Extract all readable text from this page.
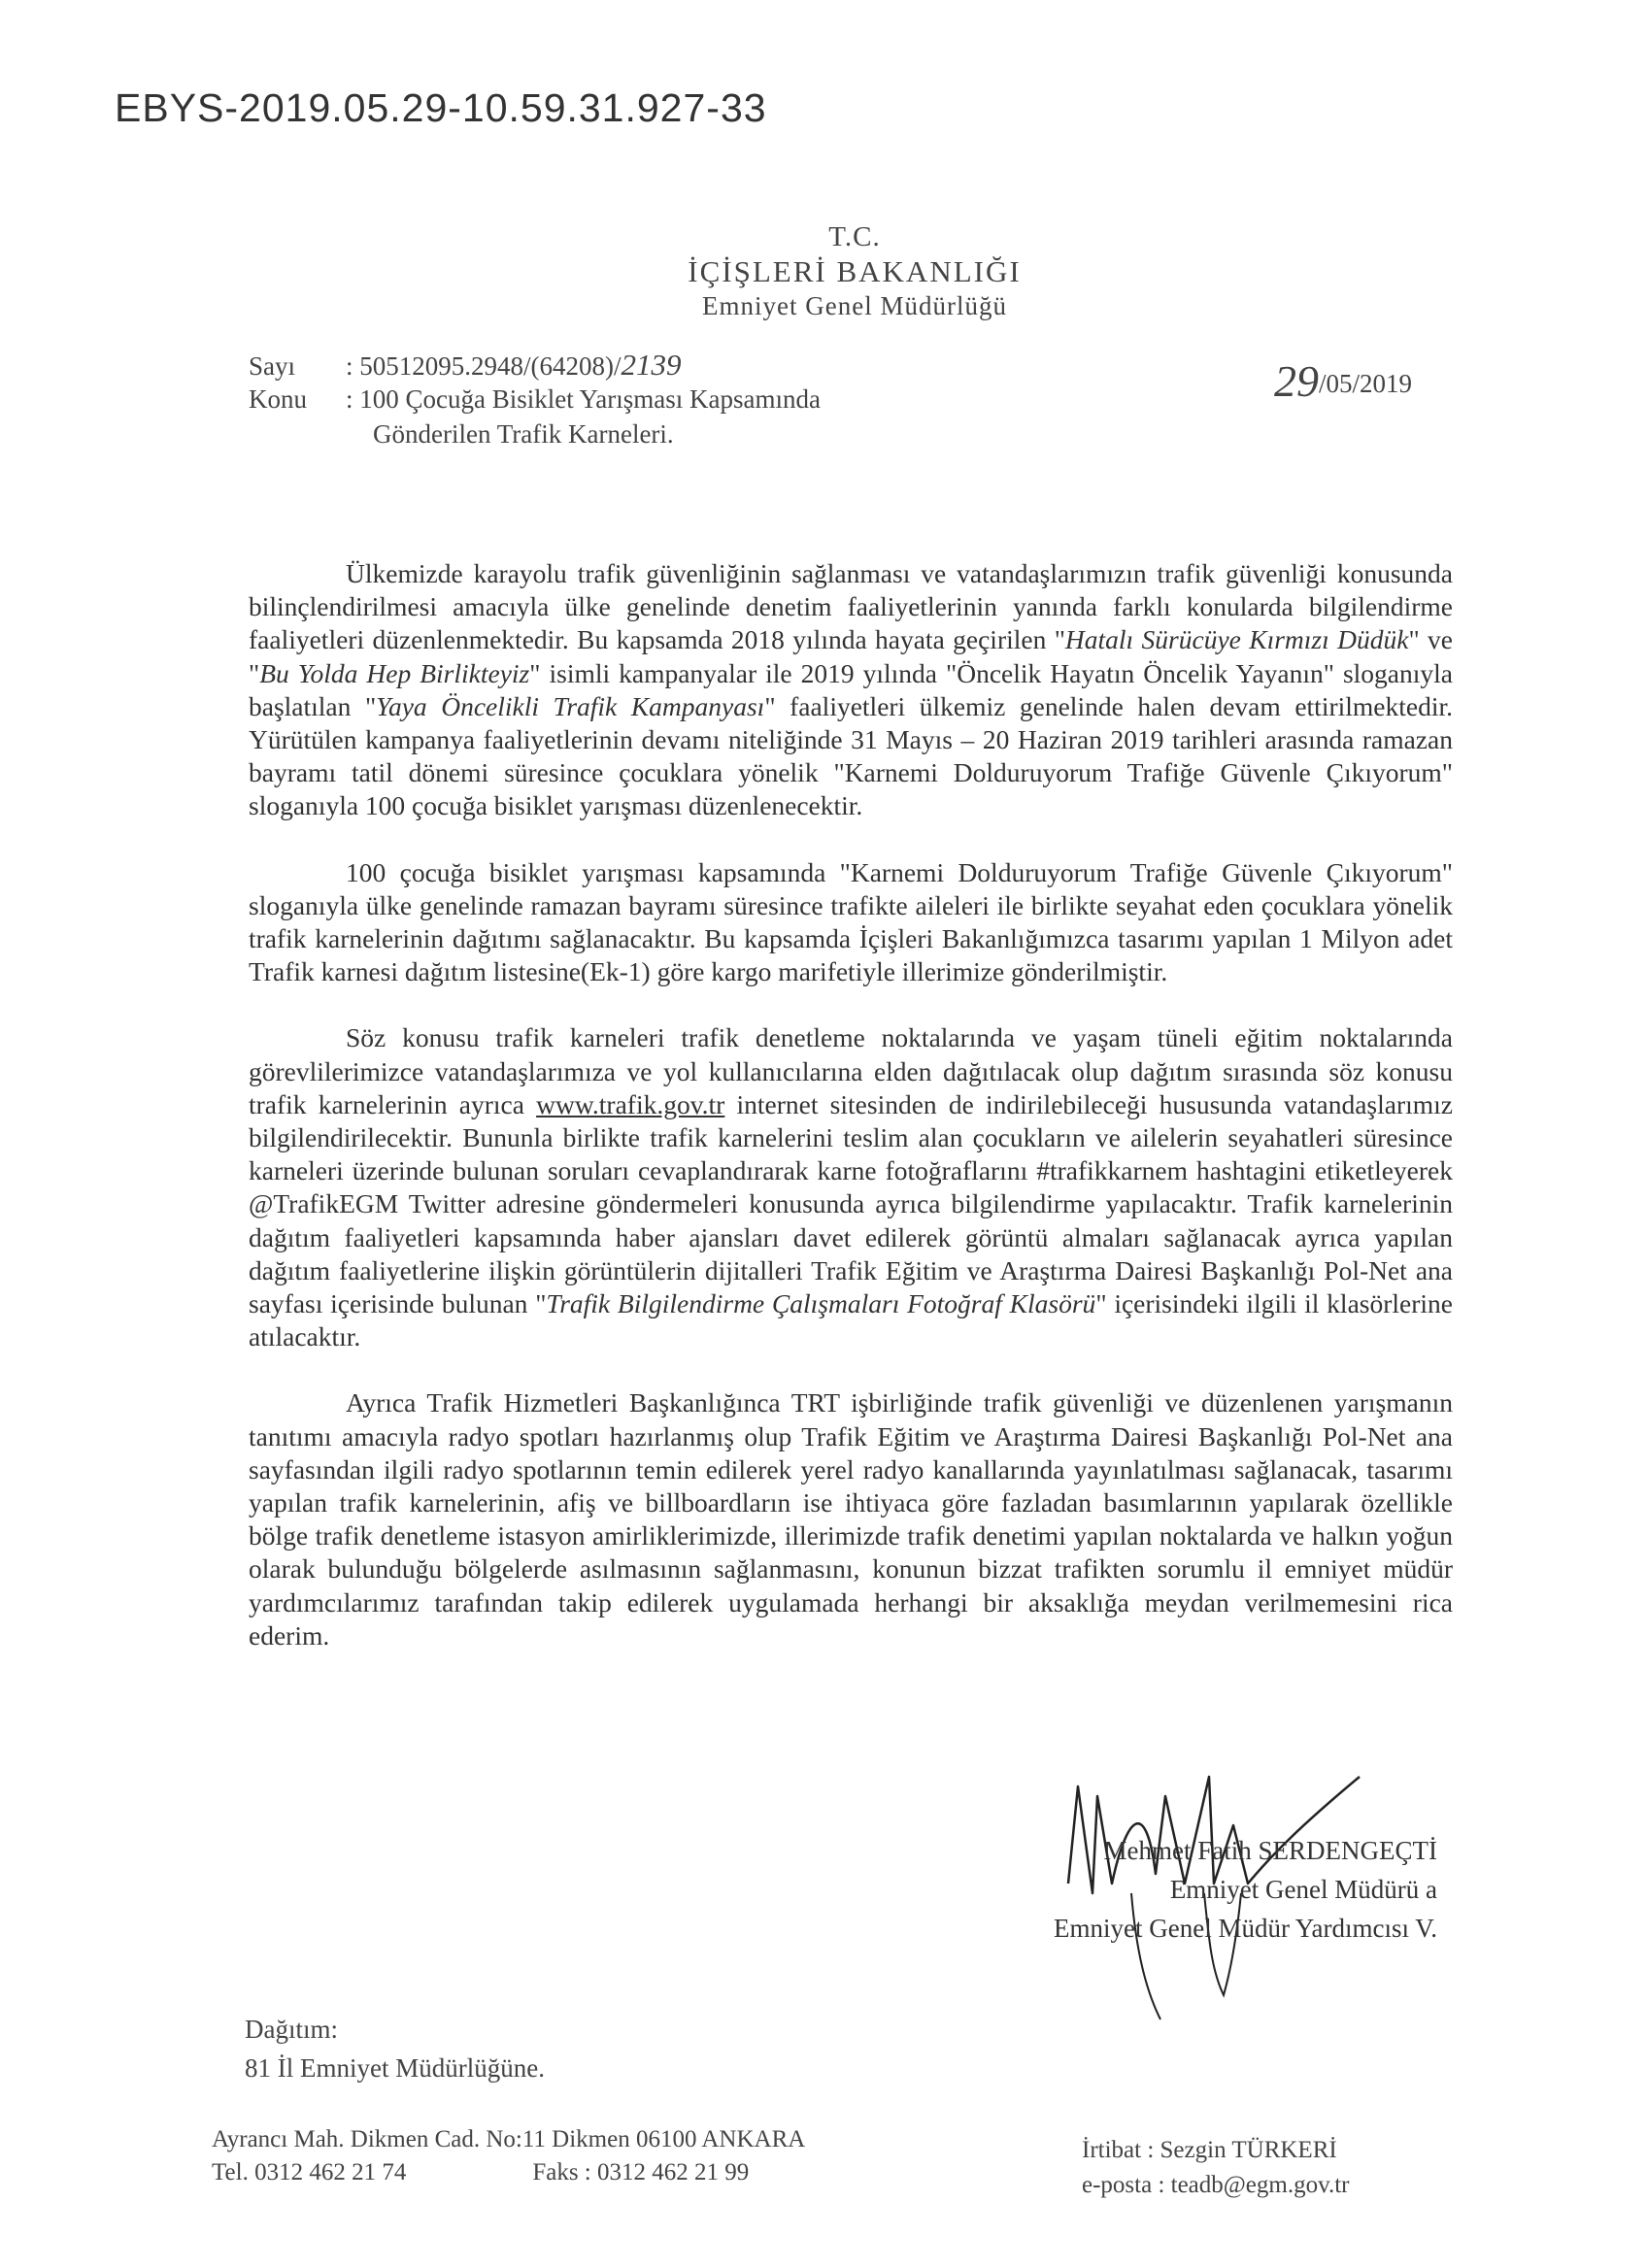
EBYS-2019.05.29-10.59.31.927-33
T.C.
İÇİŞLERİ BAKANLIĞI
Emniyet Genel Müdürlüğü
Sayı : 50512095.2948/(64208)/2139
Konu : 100 Çocuğa Bisiklet Yarışması Kapsamında
Gönderilen Trafik Karneleri.
29/05/2019

Ülkemizde karayolu trafik güvenliğinin sağlanması ve vatandaşlarımızın trafik güvenliği konusunda bilinçlendirilmesi amacıyla ülke genelinde denetim faaliyetlerinin yanında farklı konularda bilgilendirme faaliyetleri düzenlenmektedir. Bu kapsamda 2018 yılında hayata geçirilen "Hatalı Sürücüye Kırmızı Düdük" ve "Bu Yolda Hep Birlikteyiz" isimli kampanyalar ile 2019 yılında "Öncelik Hayatın Öncelik Yayanın" sloganıyla başlatılan "Yaya Öncelikli Trafik Kampanyası" faaliyetleri ülkemiz genelinde halen devam ettirilmektedir. Yürütülen kampanya faaliyetlerinin devamı niteliğinde 31 Mayıs – 20 Haziran 2019 tarihleri arasında ramazan bayramı tatil dönemi süresince çocuklara yönelik "Karnemi Dolduruyorum Trafiğe Güvenle Çıkıyorum" sloganıyla 100 çocuğa bisiklet yarışması düzenlenecektir.

100 çocuğa bisiklet yarışması kapsamında "Karnemi Dolduruyorum Trafiğe Güvenle Çıkıyorum" sloganıyla ülke genelinde ramazan bayramı süresince trafikte aileleri ile birlikte seyahat eden çocuklara yönelik trafik karnelerinin dağıtımı sağlanacaktır. Bu kapsamda İçişleri Bakanlığımızca tasarımı yapılan 1 Milyon adet Trafik karnesi dağıtım listesine(Ek-1) göre kargo marifetiyle illerimize gönderilmiştir.

Söz konusu trafik karneleri trafik denetleme noktalarında ve yaşam tüneli eğitim noktalarında görevlilerimizce vatandaşlarımıza ve yol kullanıcılarına elden dağıtılacak olup dağıtım sırasında söz konusu trafik karnelerinin ayrıca www.trafik.gov.tr internet sitesinden de indirilebileceği hususunda vatandaşlarımız bilgilendirilecektir. Bununla birlikte trafik karnelerini teslim alan çocukların ve ailelerin seyahatleri süresince karneleri üzerinde bulunan soruları cevaplandırarak karne fotoğraflarını #trafikkarnem hashtagini etiketleyerek @TrafikEGM Twitter adresine göndermeleri konusunda ayrıca bilgilendirme yapılacaktır. Trafik karnelerinin dağıtım faaliyetleri kapsamında haber ajansları davet edilerek görüntü almaları sağlanacak ayrıca yapılan dağıtım faaliyetlerine ilişkin görüntülerin dijitalleri Trafik Eğitim ve Araştırma Dairesi Başkanlığı Pol-Net ana sayfası içerisinde bulunan "Trafik Bilgilendirme Çalışmaları Fotoğraf Klasörü" içerisindeki ilgili il klasörlerine atılacaktır.

Ayrıca Trafik Hizmetleri Başkanlığınca TRT işbirliğinde trafik güvenliği ve düzenlenen yarışmanın tanıtımı amacıyla radyo spotları hazırlanmış olup Trafik Eğitim ve Araştırma Dairesi Başkanlığı Pol-Net ana sayfasından ilgili radyo spotlarının temin edilerek yerel radyo kanallarında yayınlatılması sağlanacak, tasarımı yapılan trafik karnelerinin, afiş ve billboardların ise ihtiyaca göre fazladan basımlarının yapılarak özellikle bölge trafik denetleme istasyon amirliklerimizde, illerimizde trafik denetimi yapılan noktalarda ve halkın yoğun olarak bulunduğu bölgelerde asılmasının sağlanmasını, konunun bizzat trafikten sorumlu il emniyet müdür yardımcılarımız tarafından takip edilerek uygulamada herhangi bir aksaklığa meydan verilmemesini rica ederim.

Mehmet Fatih SERDENGEÇTİ
Emniyet Genel Müdürü a
Emniyet Genel Müdür Yardımcısı V.
Dağıtım:
81 İl Emniyet Müdürlüğüne.
Ayrancı Mah. Dikmen Cad. No:11 Dikmen 06100 ANKARA
Tel. 0312 462 21 74	Faks : 0312 462 21 99
İrtibat : Sezgin TÜRKERİ
e-posta : teadb@egm.gov.tr
